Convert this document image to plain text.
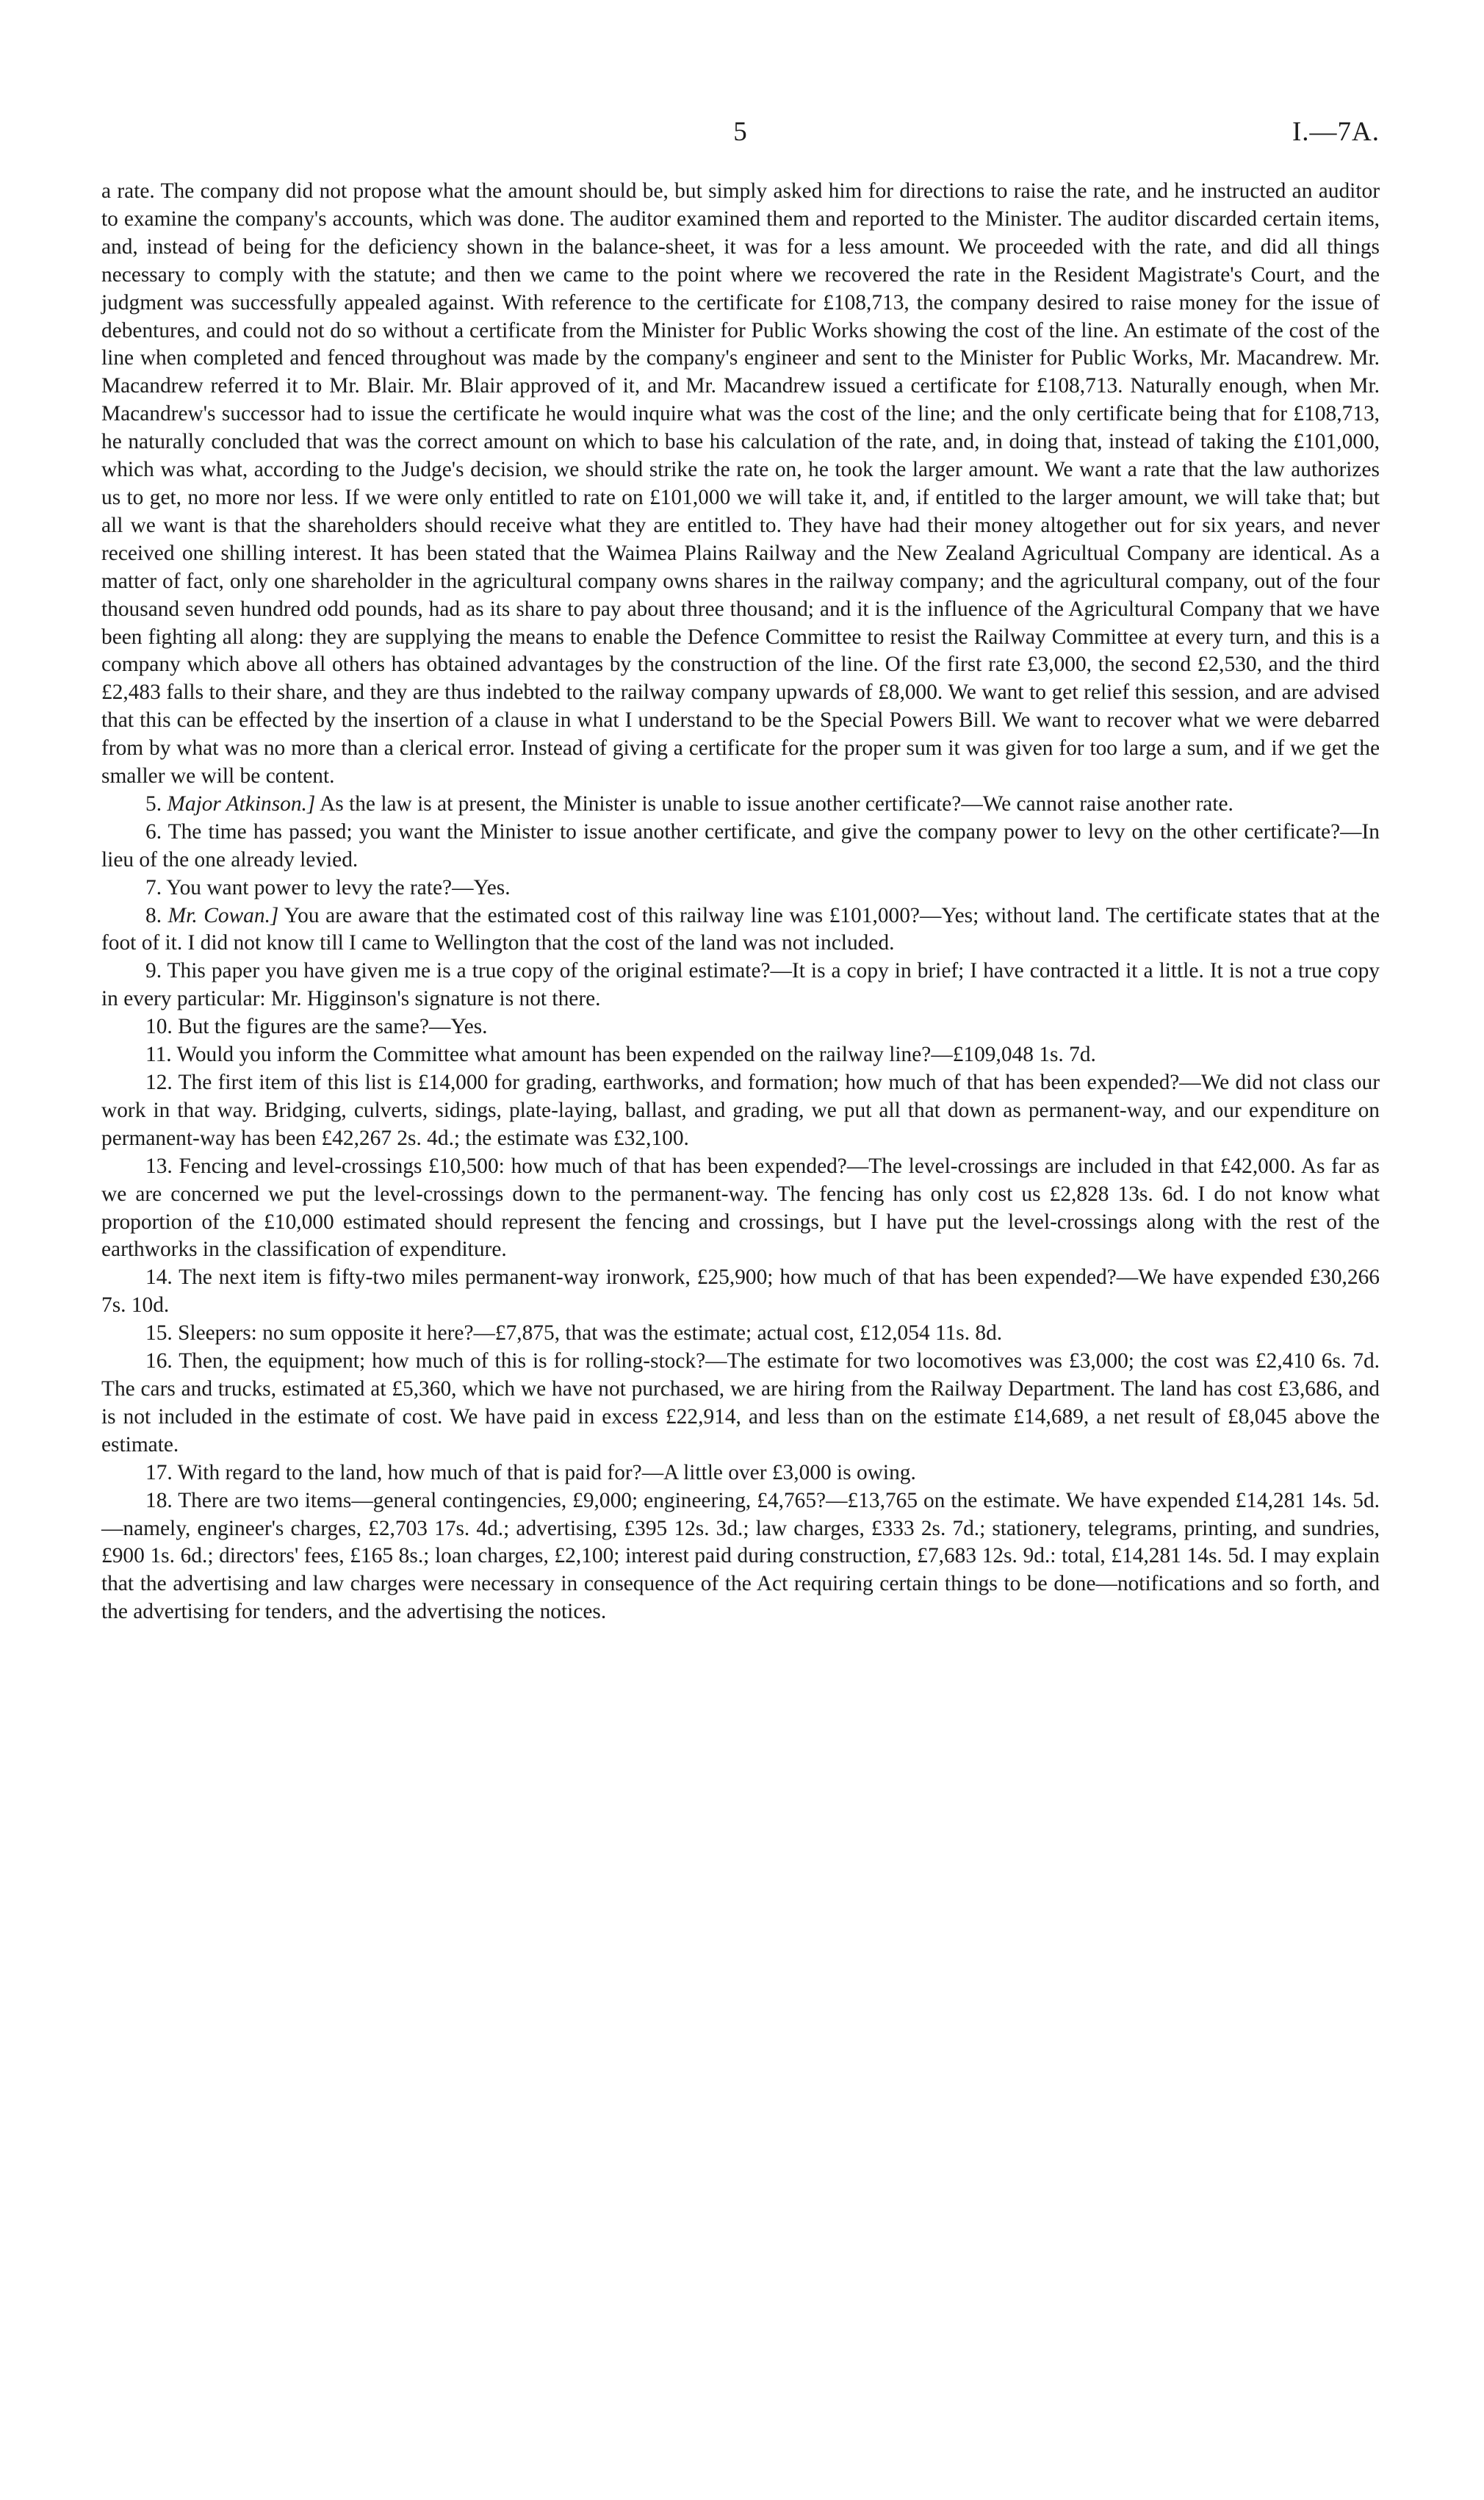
5	I.—7A.

a rate. The company did not propose what the amount should be, but simply asked him for directions to raise the rate, and he instructed an auditor to examine the company's accounts, which was done. The auditor examined them and reported to the Minister. The auditor discarded certain items, and, instead of being for the deficiency shown in the balance-sheet, it was for a less amount. We proceeded with the rate, and did all things necessary to comply with the statute; and then we came to the point where we recovered the rate in the Resident Magistrate's Court, and the judgment was successfully appealed against. With reference to the certificate for £108,713, the company desired to raise money for the issue of debentures, and could not do so without a certificate from the Minister for Public Works showing the cost of the line. An estimate of the cost of the line when completed and fenced throughout was made by the company's engineer and sent to the Minister for Public Works, Mr. Macandrew. Mr. Macandrew referred it to Mr. Blair. Mr. Blair approved of it, and Mr. Macandrew issued a certificate for £108,713. Naturally enough, when Mr. Macandrew's successor had to issue the certificate he would inquire what was the cost of the line; and the only certificate being that for £108,713, he naturally concluded that was the correct amount on which to base his calculation of the rate, and, in doing that, instead of taking the £101,000, which was what, according to the Judge's decision, we should strike the rate on, he took the larger amount. We want a rate that the law authorizes us to get, no more nor less. If we were only entitled to rate on £101,000 we will take it, and, if entitled to the larger amount, we will take that; but all we want is that the shareholders should receive what they are entitled to. They have had their money altogether out for six years, and never received one shilling interest. It has been stated that the Waimea Plains Railway and the New Zealand Agricultual Company are identical. As a matter of fact, only one shareholder in the agricultural company owns shares in the railway company; and the agricultural company, out of the four thousand seven hundred odd pounds, had as its share to pay about three thousand; and it is the influence of the Agricultural Company that we have been fighting all along: they are supplying the means to enable the Defence Committee to resist the Railway Committee at every turn, and this is a company which above all others has obtained advantages by the construction of the line. Of the first rate £3,000, the second £2,530, and the third £2,483 falls to their share, and they are thus indebted to the railway company upwards of £8,000. We want to get relief this session, and are advised that this can be effected by the insertion of a clause in what I understand to be the Special Powers Bill. We want to recover what we were debarred from by what was no more than a clerical error. Instead of giving a certificate for the proper sum it was given for too large a sum, and if we get the smaller we will be content.

5. Major Atkinson.] As the law is at present, the Minister is unable to issue another certificate?—We cannot raise another rate.

6. The time has passed; you want the Minister to issue another certificate, and give the company power to levy on the other certificate?—In lieu of the one already levied.

7. You want power to levy the rate?—Yes.

8. Mr. Cowan.] You are aware that the estimated cost of this railway line was £101,000?—Yes; without land. The certificate states that at the foot of it. I did not know till I came to Wellington that the cost of the land was not included.

9. This paper you have given me is a true copy of the original estimate?—It is a copy in brief; I have contracted it a little. It is not a true copy in every particular: Mr. Higginson's signature is not there.

10. But the figures are the same?—Yes.

11. Would you inform the Committee what amount has been expended on the railway line?—£109,048 1s. 7d.

12. The first item of this list is £14,000 for grading, earthworks, and formation; how much of that has been expended?—We did not class our work in that way. Bridging, culverts, sidings, plate-laying, ballast, and grading, we put all that down as permanent-way, and our expenditure on permanent-way has been £42,267 2s. 4d.; the estimate was £32,100.

13. Fencing and level-crossings £10,500: how much of that has been expended?—The level-crossings are included in that £42,000. As far as we are concerned we put the level-crossings down to the permanent-way. The fencing has only cost us £2,828 13s. 6d. I do not know what proportion of the £10,000 estimated should represent the fencing and crossings, but I have put the level-crossings along with the rest of the earthworks in the classification of expenditure.

14. The next item is fifty-two miles permanent-way ironwork, £25,900; how much of that has been expended?—We have expended £30,266 7s. 10d.

15. Sleepers: no sum opposite it here?—£7,875, that was the estimate; actual cost, £12,054 11s. 8d.

16. Then, the equipment; how much of this is for rolling-stock?—The estimate for two locomotives was £3,000; the cost was £2,410 6s. 7d. The cars and trucks, estimated at £5,360, which we have not purchased, we are hiring from the Railway Department. The land has cost £3,686, and is not included in the estimate of cost. We have paid in excess £22,914, and less than on the estimate £14,689, a net result of £8,045 above the estimate.

17. With regard to the land, how much of that is paid for?—A little over £3,000 is owing.

18. There are two items—general contingencies, £9,000; engineering, £4,765?—£13,765 on the estimate. We have expended £14,281 14s. 5d.—namely, engineer's charges, £2,703 17s. 4d.; advertising, £395 12s. 3d.; law charges, £333 2s. 7d.; stationery, telegrams, printing, and sundries, £900 1s. 6d.; directors' fees, £165 8s.; loan charges, £2,100; interest paid during construction, £7,683 12s. 9d.: total, £14,281 14s. 5d. I may explain that the advertising and law charges were necessary in consequence of the Act requiring certain things to be done—notifications and so forth, and the advertising for tenders, and the advertising the notices.
